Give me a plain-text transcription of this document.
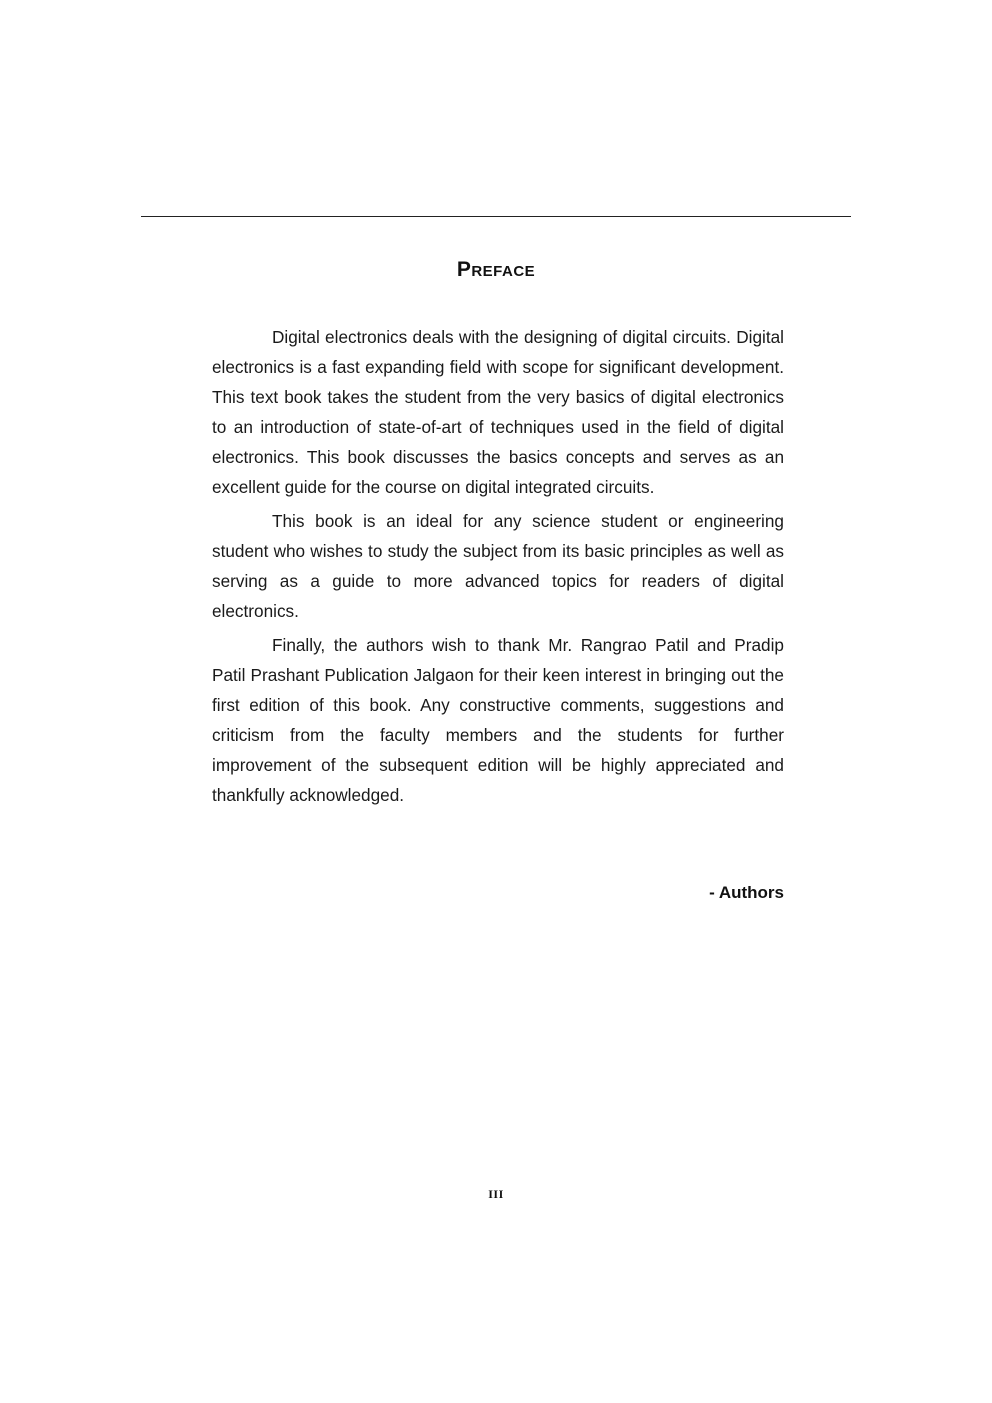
Preface

Digital electronics deals with the designing of digital circuits. Digital electronics is a fast expanding field with scope for significant development. This text book takes the student from the very basics of digital electronics to an introduction of state-of-art of techniques used in the field of digital electronics. This book discusses the basics concepts and serves as an excellent guide for the course on digital integrated circuits.

This book is an ideal for any science student or engineering student who wishes to study the subject from its basic principles as well as serving as a guide to more advanced topics for readers of digital electronics.

Finally, the authors wish to thank Mr. Rangrao Patil and Pradip Patil Prashant Publication Jalgaon for their keen interest in bringing out the first edition of this book. Any constructive comments, suggestions and criticism from the faculty members and the students for further improvement of the subsequent edition will be highly appreciated and thankfully acknowledged.

- Authors
III
